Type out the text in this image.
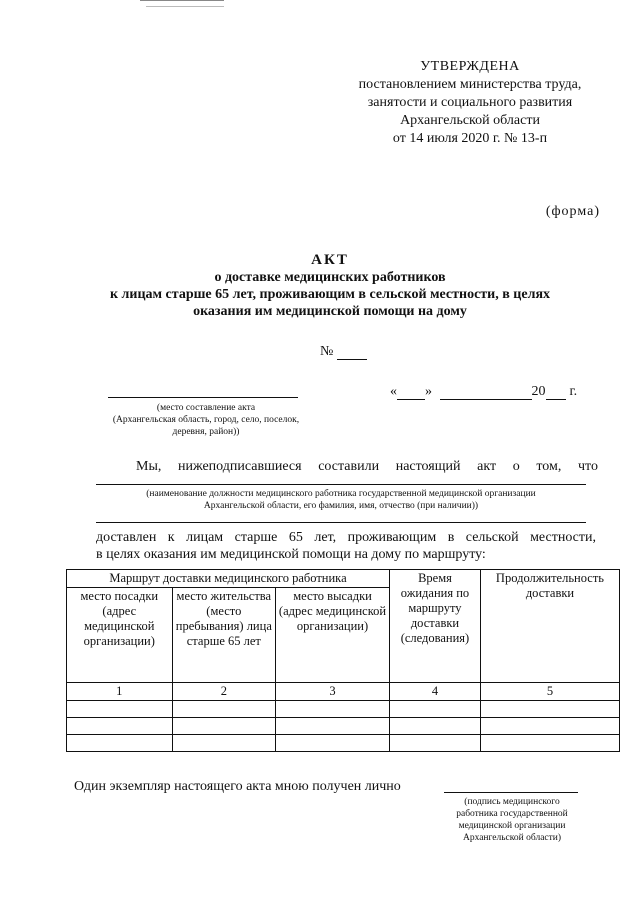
УТВЕРЖДЕНА
постановлением министерства труда,
занятости и социального развития
Архангельской области
от 14 июля 2020 г. № 13-п
(форма)
АКТ
о доставке медицинских работников
к лицам старше 65 лет, проживающим в сельской местности, в целях
оказания им медицинской помощи на дому
№
(место составление акта
(Архангельская область, город, село, поселок,
деревня, район))
« »	20 г.
Мы, нижеподписавшиеся составили настоящий акт о том, что
(наименование должности медицинского работника государственной медицинской организации
Архангельской области, его фамилия, имя, отчество (при наличии))
доставлен к лицам старше 65 лет, проживающим в сельской местности,
в целях оказания им медицинской помощи на дому по маршруту:
Маршрут доставки медицинского работника			Время ожидания по маршруту доставки (следования)	Продолжительность доставки
место посадки (адрес медицинской организации)	место жительства (место пребывания) лица старше 65 лет	место высадки (адрес медицинской организации)		
1	2	3	4	5

Один экземпляр настоящего акта мною получен лично
(подпись медицинского
работника государственной
медицинской организации
Архангельской области)
